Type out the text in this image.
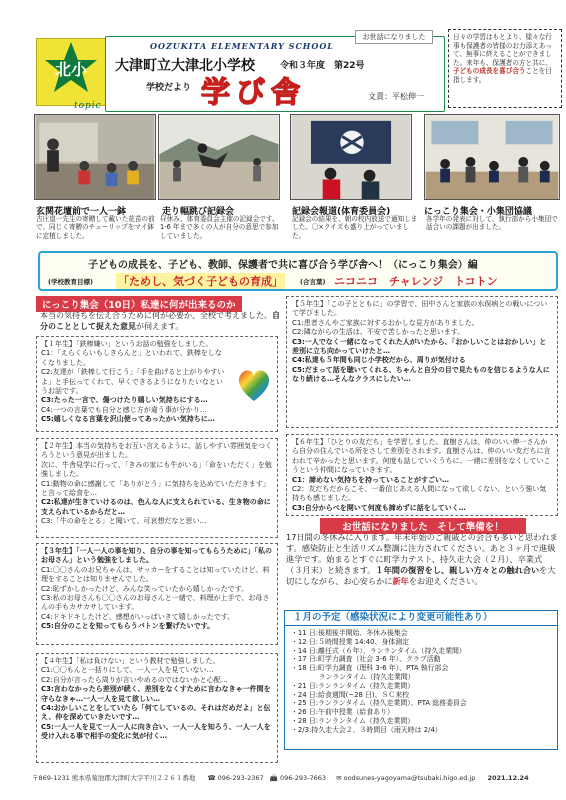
北小
topic
OOZUKITA ELEMENTARY SCHOOL
大津町立大津北小学校	令和３年度　第22号
学校だより 学び舎	文責：平松伸一
お世話になりました	日々の学習はもとより、様々な行事も保護者の皆様のお力添えあって、無事に終えることができました。来年も、保護者の方と共に、子どもの成長を喜び合うことを目指します。
玄関花壇前で一人一鉢
古庄道一先生の寄贈して戴いた花苗の前で、同じく寄贈のチューリップをマイ鉢に定植しました。
走り幅跳び記録会
昼休み、体育委員会主催の記録会です。1-6 年まで多くの人が自分の意思で参加していました。
記録会報道(体育委員会)
記録会の結果を、朝の校内放送で通知しました。〇×クイズも盛り上がっていました。
にっこり集会・小集団協議
各学年の発表に対して、執行部から小集団で話合いの課題が出ました。
子どもの成長を、子ども、教師、保護者で共に喜び合う学び舎へ！（にっこり集会）編
(学校教育目標) 「ためし、気づく子どもの育成」	(合言葉) ニコニコ　チャレンジ　トコトン
にっこり集会（10日）私達に何が出来るのか
本当の気持ちを伝え合うために何が必要か、全校で考えました。自分のこととして捉えた意見が伺えます。
【１年生】「鉄棒嫌い」というお話の勉強をしました。
C1：「えらくらいもしきらんと」といわれて、鉄棒をしなくなりました。
C2:友達が「鉄棒して行こう」「手を曲げると上がりやすいよ」と手伝ってくれて、早くできるようになりたいなというお話です。
C3:たった一言で、傷つけたり嬉しい気持ちにする…
C4:一つの言葉でも自分と感じ方が違う事が分かり…
C5:嬉しくなる言葉を沢山使ってあったかい気持ちに…
【２年生】本当の気持ちをお互い言えるように、話しやすい雰囲気をつくろうという意見が出ました。
次に、牛舎見学に行って、「きみの家にも牛がいる」「命をいただく」を勉強しました。
C1:動物の命に感謝して「ありがとう」に気持ちを込めていただきます」と言って給食を…
C2:私達が生きていけるのは、色んな人に支えられている、生き物の命に支えられているからだと…
C3:「牛の命をとる」と聞いて、可哀想だなと思い…
【３年生】「一人一人の事を知り、自分の事を知ってもらうために」「私のお母さん」という勉強をしました。
C1:〇〇さんのお兄ちゃんは、サッカーをすることは知っていたけど、料理をすることは知りませんでした。
C2:恥ずかしかったけど、みんな笑っていたから嬉しかったです。
C3:私のお母さんも〇〇さんのお母さんと一緒で、料理が上手で、お母さんの手もカサカサしています。
C4:ドキドキしたけど、感想がいっぱいきて嬉しかったです。
C5:自分のことを知ってもらうバトンを繋げたいです。
【４年生】「私は負けない」という教材で勉強しました。
C1:〇〇もんと一括りにして、一人一人を見ていない…
C2:自分が言ったら周りが言いやめるのではないかと心配…
C3:言わなかったら差別が続く、差別をなくすために言わなきゃ一件間を守らなきゃ…一人一人を見て欲しい…
C4:おかしいことをしていたら「何てしているの、それはだめだよ」と伝え、仲を深めていきたいです…
C5:一人一人を見て一人一人に向き合い、一人一人を知ろう、一人一人を受け入れる事で相手の変化に気が付く…
【５年生】「この子とともに」の学習で、田中さんと家族の水俣病との戦いについて学びました。
C1:患者さんやご家族に対するおかしな見方がありました。
C2:隣ながらの生活は、不安で苦しかったと思います。
C3:一人でなく一緒になってくれた人がいたから、「おかしいことはおかしい」と差別に立ち向かっていけたと…
C4:私達も５年間も同じ小学校だから、周りが気付ける
C5:だまって話を聴いてくれる、ちゃんと自分の目で見たものを信じるような人になり続ける…そんなクラスにしたい…
【６年生】「ひとりの友だち」を学習しました。直樹さんは、仲のいい伸一さんから自分の住んでいる所をさして差別をされます。直樹さんは、仲のいい友だちに言われて辛かったと思います。何度も話していくうちに、一緒に差別をなくしていこうという仲間になっていきます。
C1：諦めない気持ちを持っていることがすごい…
C2：友だちだからこそ、一番信じあえる人間になって欲しくない、という強い気持ちも感じました。
C3:自分からべを開いて何度も諦めずに話をしていく…
お世話になりました　そして準備を！
17日間の冬休みに入ります。年末年始のご親戚との会合も多いと思われます。感染防止と生活リズム整調に注力されてください。あと３ヶ月で進級進学です。始まるとすぐに町学力テスト、持久走大会（２月）、卒業式（３月末）と続きます。１年間の復習をし、親しい方々との触れ合いを大切にしながら、お心安らかに新年をお迎えください。
１月の予定（感染状況により変更可能性あり）
・11 日:後期後半開始、冬休み後集会
・12 日:５時間授業 14:40、身体測定
・14 日:離任式（６年）、ランランタイム（持久走業間）
・17 日:町学力調査（社会 3-6 年）、クラブ活動
・18 日:町学力調査（理科 3-6 年）、PTA 執行部会
　　　　ランランタイム（持久走業間）
・21 日:ランランタイム（持久走業間）
・24 日:給食週間(~28 日)、ＳＣ来校
・25 日:ランランタイム（持久走業間）、PTA 総務委員会
・26 日:午前中授業（給食あり）
・28 日:ランランタイム（持久走業間）
・2/3:持久走大会２、３時間目（雨天時は 2/4）
〒869-1231 熊本県菊池郡大津町大字平川２２６１番地 ☎ 096-293-2367 📠 096-293-7663 ✉ oodsunes-yagoyama@tsubaki.higo.ed.jp 2021.12.24
